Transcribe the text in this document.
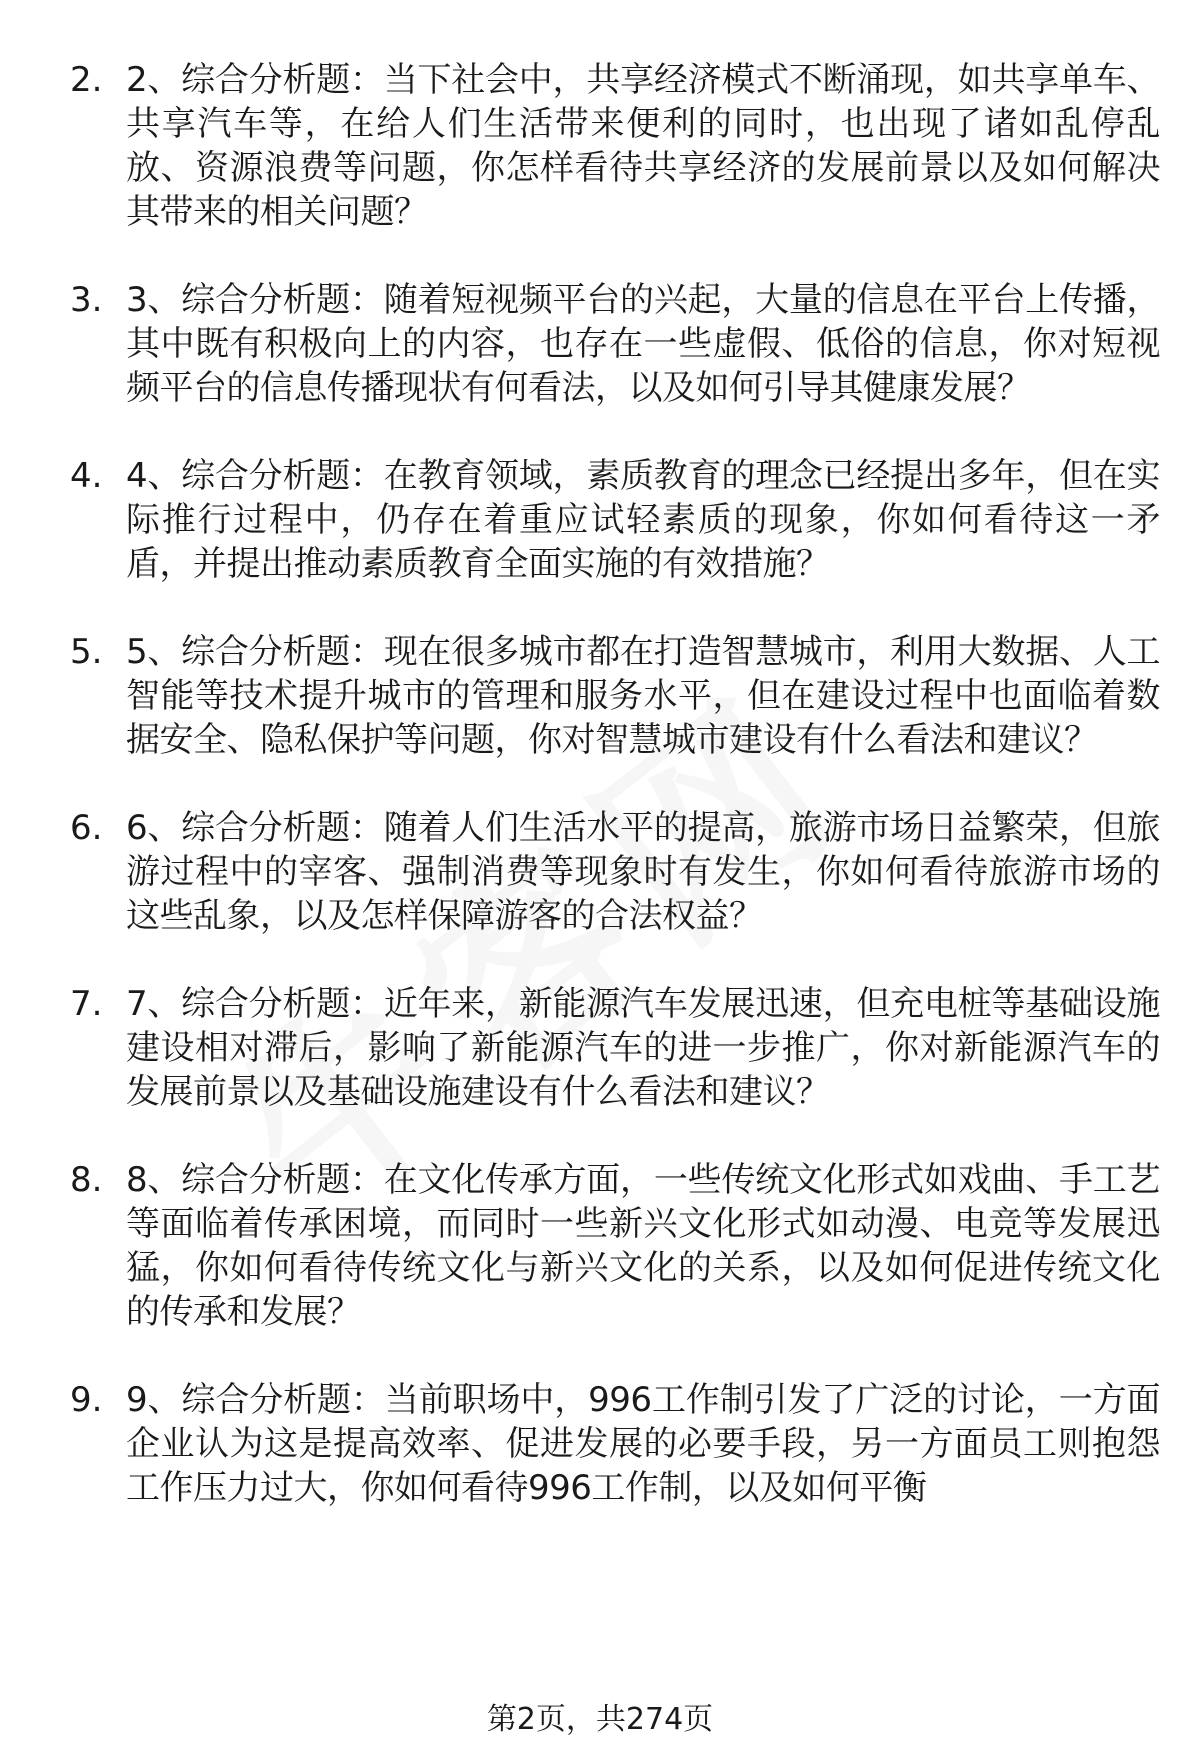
2. 2、综合分析题：当下社会中，共享经济模式不断涌现，如共享单车、共享汽车等，在给人们生活带来便利的同时，也出现了诸如乱停乱放、资源浪费等问题，你怎样看待共享经济的发展前景以及如何解决其带来的相关问题？
3. 3、综合分析题：随着短视频平台的兴起，大量的信息在平台上传播，其中既有积极向上的内容，也存在一些虚假、低俗的信息，你对短视频平台的信息传播现状有何看法，以及如何引导其健康发展？
4. 4、综合分析题：在教育领域，素质教育的理念已经提出多年，但在实际推行过程中，仍存在着重应试轻素质的现象，你如何看待这一矛盾，并提出推动素质教育全面实施的有效措施？
5. 5、综合分析题：现在很多城市都在打造智慧城市，利用大数据、人工智能等技术提升城市的管理和服务水平，但在建设过程中也面临着数据安全、隐私保护等问题，你对智慧城市建设有什么看法和建议？
6. 6、综合分析题：随着人们生活水平的提高，旅游市场日益繁荣，但旅游过程中的宰客、强制消费等现象时有发生，你如何看待旅游市场的这些乱象，以及怎样保障游客的合法权益？
7. 7、综合分析题：近年来，新能源汽车发展迅速，但充电桩等基础设施建设相对滞后，影响了新能源汽车的进一步推广，你对新能源汽车的发展前景以及基础设施建设有什么看法和建议？
8. 8、综合分析题：在文化传承方面，一些传统文化形式如戏曲、手工艺等面临着传承困境，而同时一些新兴文化形式如动漫、电竞等发展迅猛，你如何看待传统文化与新兴文化的关系，以及如何促进传统文化的传承和发展？
9. 9、综合分析题：当前职场中，996工作制引发了广泛的讨论，一方面企业认为这是提高效率、促进发展的必要手段，另一方面员工则抱怨工作压力过大，你如何看待996工作制，以及如何平衡
第2页，共274页
